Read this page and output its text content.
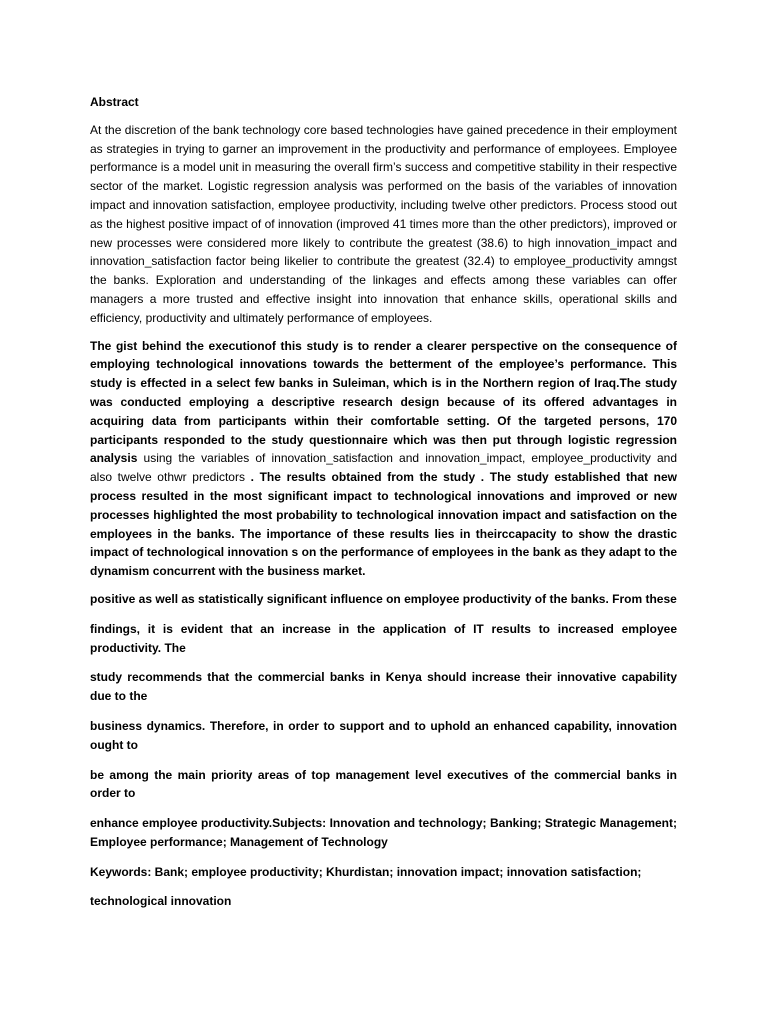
Abstract

At the discretion of the bank technology core based technologies have gained precedence in their employment as strategies in trying to garner an improvement in the productivity and performance of employees. Employee performance is a model unit in measuring the overall firm’s success and competitive stability in their respective sector of the market. Logistic regression analysis was performed on the basis of the variables of innovation impact and innovation satisfaction, employee productivity, including twelve other predictors. Process stood out as the highest positive impact of of innovation (improved 41 times more than the other predictors), improved or new processes were considered more likely to contribute the greatest (38.6) to high innovation_impact and innovation_satisfaction factor being likelier to contribute the greatest (32.4) to employee_productivity amngst the banks. Exploration and understanding of the linkages and effects among these variables can offer managers a more trusted and effective insight into innovation that enhance skills, operational skills and efficiency, productivity and ultimately performance of employees.

The gist behind the executionof this study is to render a clearer perspective on the consequence of employing technological innovations towards the betterment of the employee’s performance. This study is effected in a select few banks in Suleiman, which is in the Northern region of Iraq.The study was conducted employing a descriptive research design because of its offered advantages in acquiring data from participants within their comfortable setting. Of the targeted persons, 170 participants responded to the study questionnaire which was then put through logistic regression analysis using the variables of innovation_satisfaction and innovation_impact, employee_productivity and also twelve othwr predictors . The results obtained from the study . The study established that new process resulted in the most significant impact to technological innovations and improved or new processes highlighted the most probability to technological innovation impact and satisfaction on the employees in the banks. The importance of these results lies in theirccapacity to show the drastic impact of technological innovation s on the performance of employees in the bank as they adapt to the dynamism concurrent with the business market.

positive as well as statistically significant influence on employee productivity of the banks. From these

findings, it is evident that an increase in the application of IT results to increased employee productivity. The

study recommends that the commercial banks in Kenya should increase their innovative capability due to the

business dynamics. Therefore, in order to support and to uphold an enhanced capability, innovation ought to

be among the main priority areas of top management level executives of the commercial banks in order to

enhance employee productivity.Subjects: Innovation and technology; Banking; Strategic Management; Employee performance; Management of Technology

Keywords: Bank; employee productivity; Khurdistan; innovation impact; innovation satisfaction;

technological innovation
